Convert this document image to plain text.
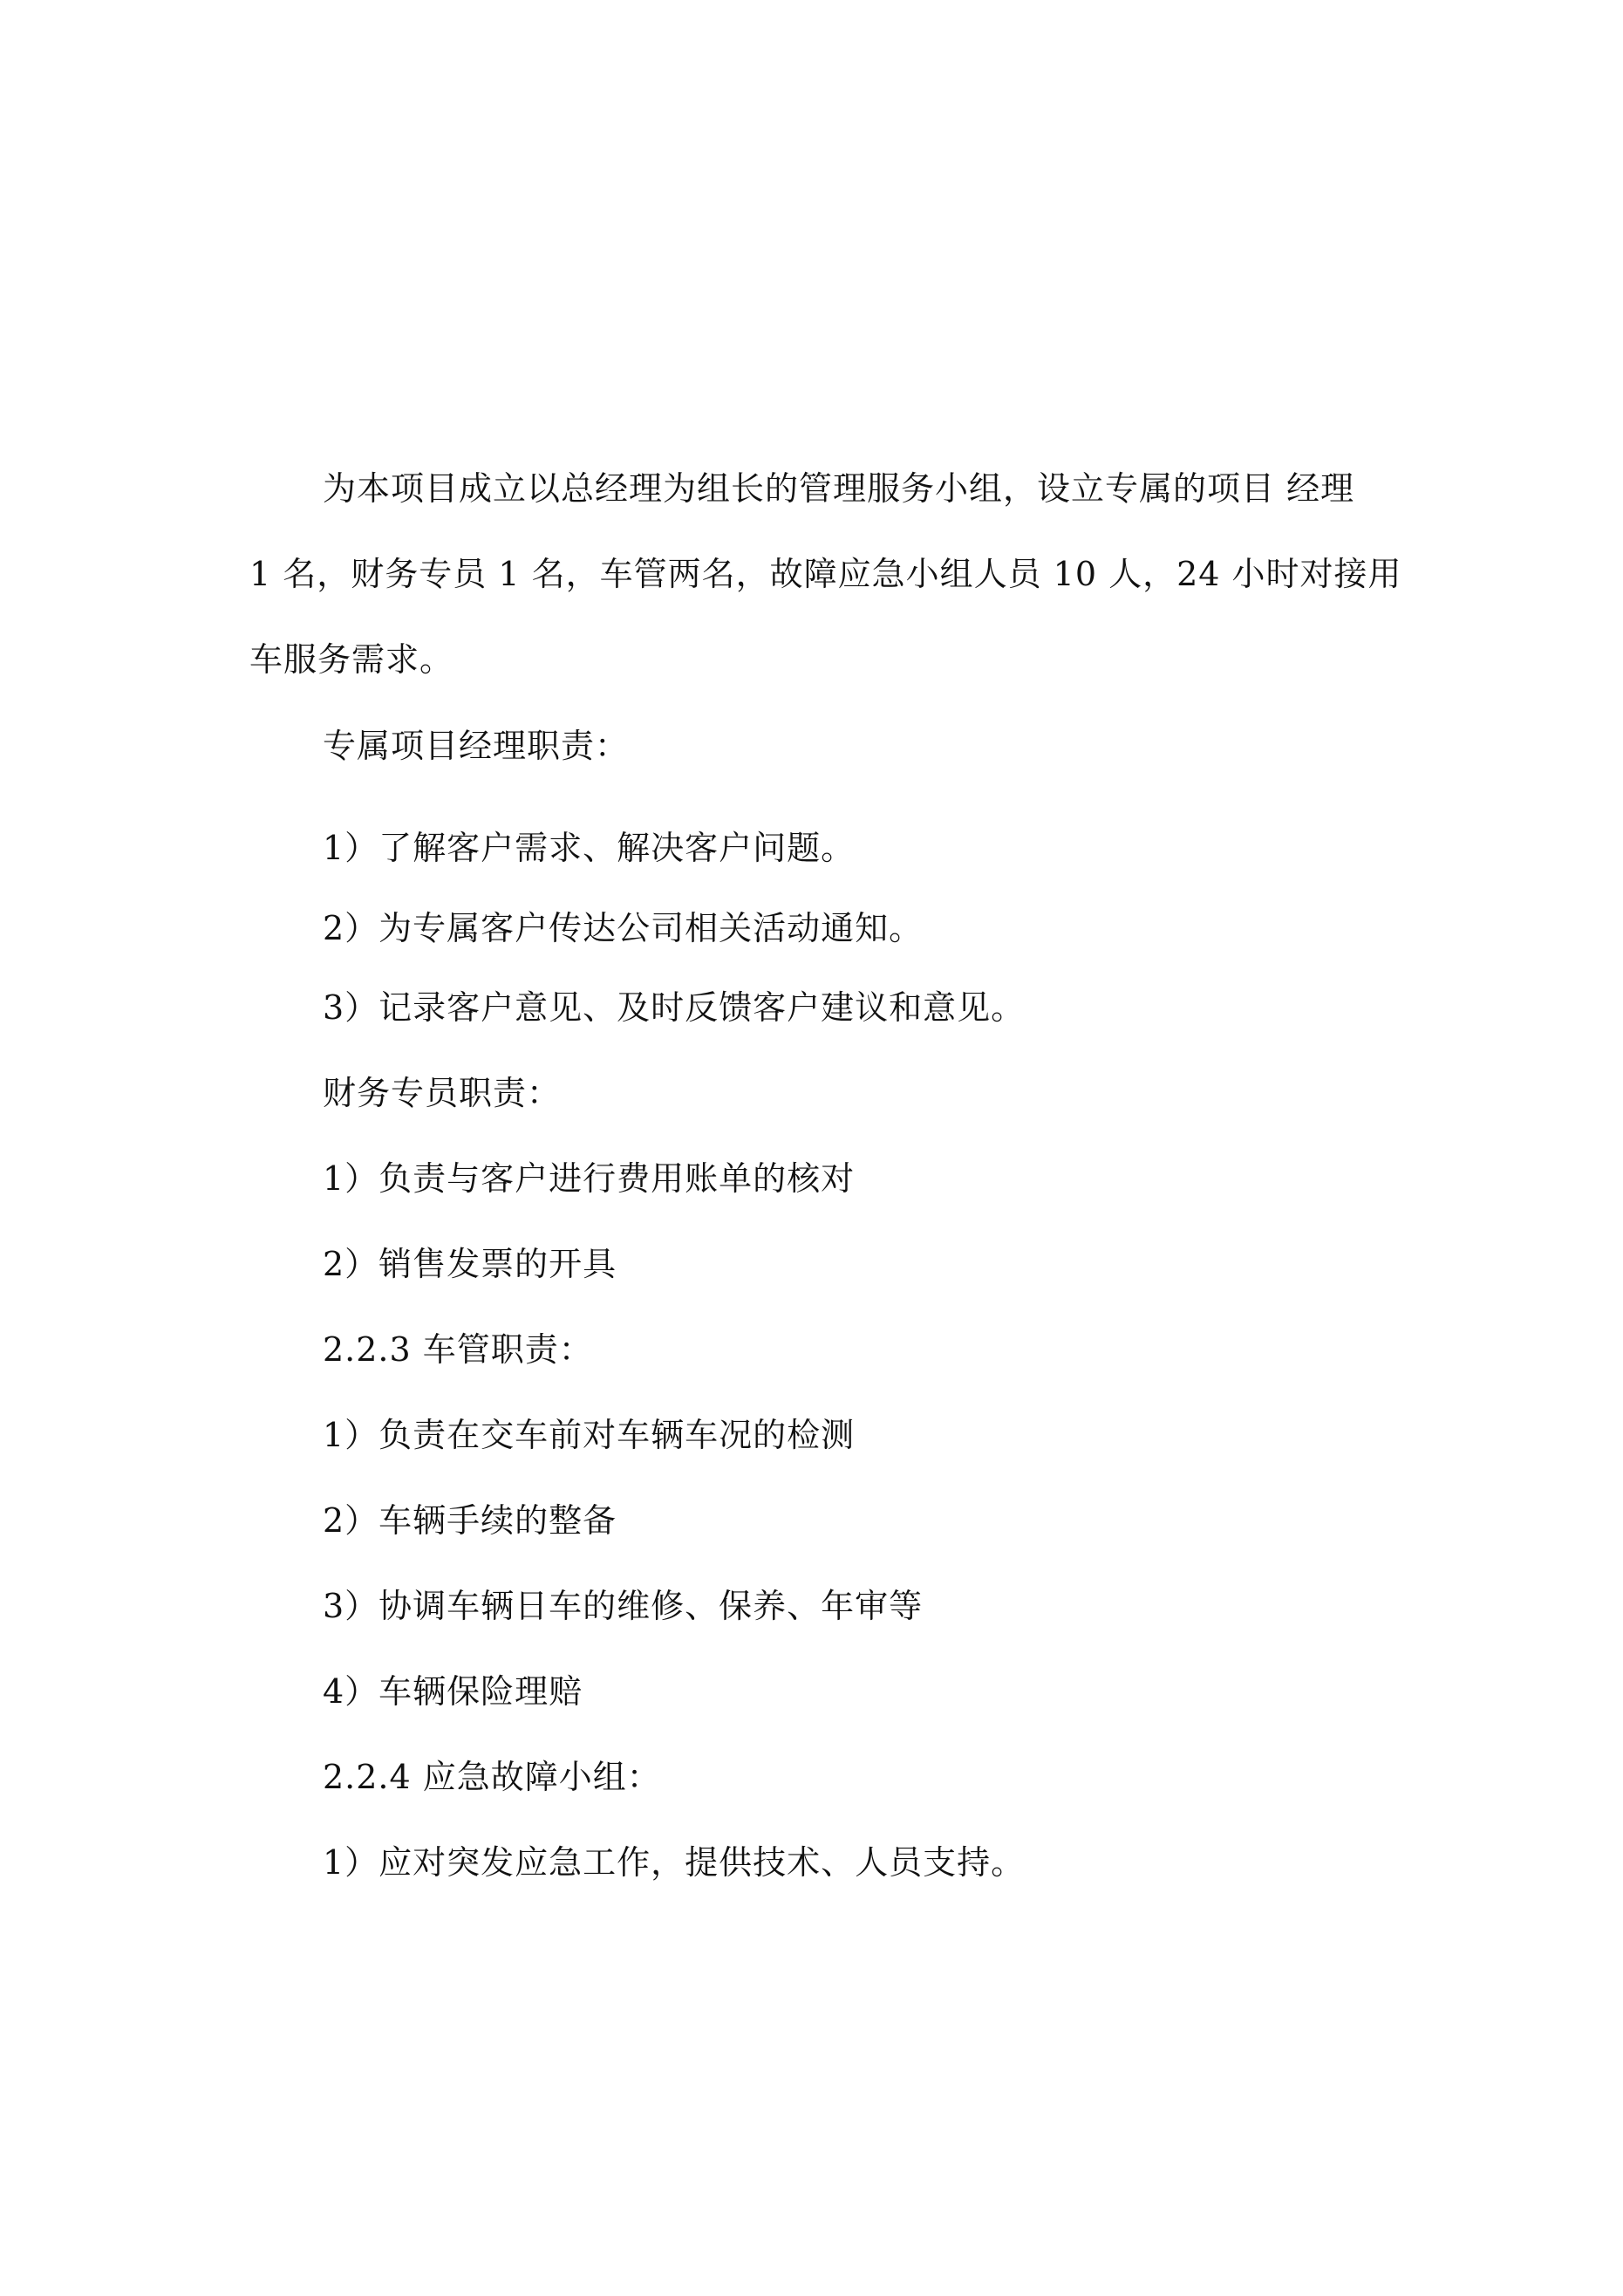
为本项目成立以总经理为组长的管理服务小组，设立专属的项目 经理
1 名，财务专员 1 名，车管两名，故障应急小组人员 10 人，24 小时对接用
车服务需求。
专属项目经理职责：
1）了解客户需求、解决客户问题。
2）为专属客户传达公司相关活动通知。
3）记录客户意见、及时反馈客户建议和意见。
财务专员职责：
1）负责与客户进行费用账单的核对
2）销售发票的开具
2.2.3 车管职责：
1）负责在交车前对车辆车况的检测
2）车辆手续的整备
3）协调车辆日车的维修、保养、年审等
4）车辆保险理赔
2.2.4 应急故障小组：
1）应对突发应急工作，提供技术、人员支持。
